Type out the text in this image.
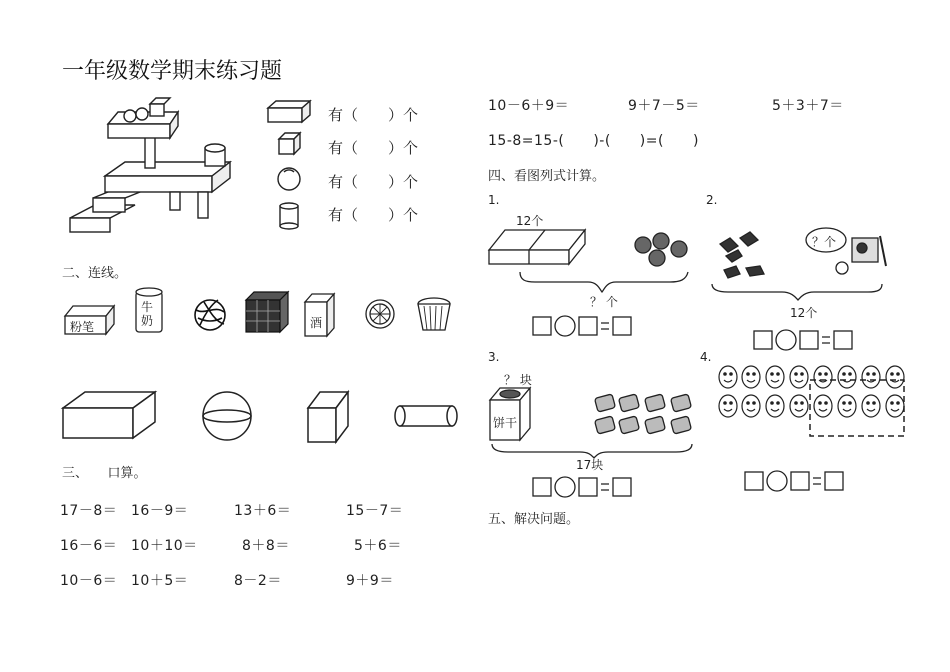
一年级数学期末练习题
有（　　）个
有（　　）个
有（　　）个
有（　　）个
二、连线。
粉笔
牛奶	酒
三、　　口算。
17－8＝ 16－9＝	13＋6＝	15－7＝
16－6＝ 10＋10＝	8＋8＝	5＋6＝
10－6＝ 10＋5＝	8－2＝	9＋9＝
10－6＋9＝	9＋7－5＝	5＋3＋7＝
15-8=15-(　　)-(　　)=(　　)
四、看图列式计算。
1.
12个
？ 个
2.
？个
12个
3.
？ 块
饼干
17块
4.
五、解决问题。
